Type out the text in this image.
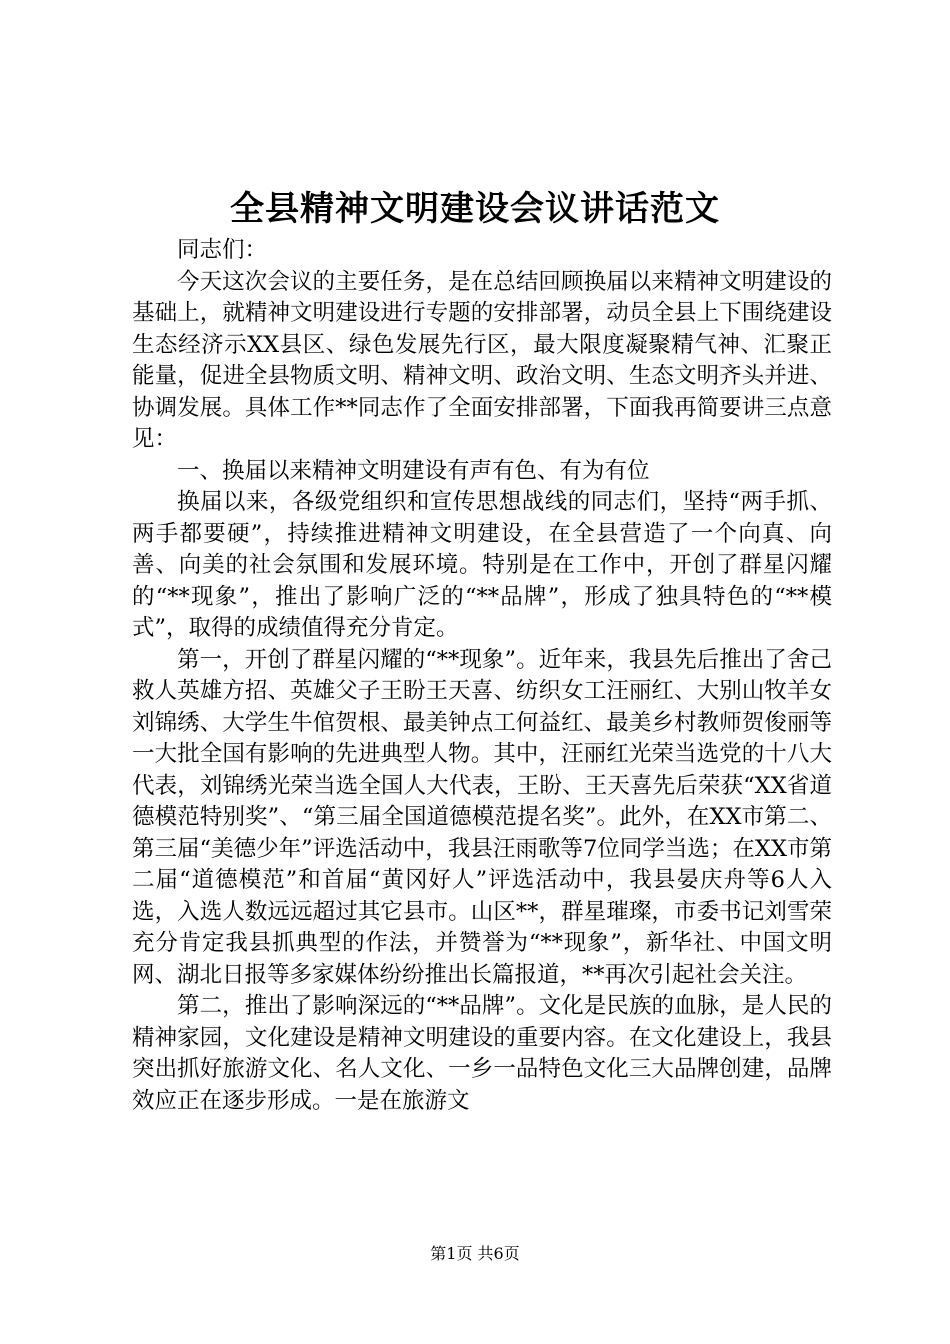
全县精神文明建设会议讲话范文

同志们：

今天这次会议的主要任务，是在总结回顾换届以来精神文明建设的基础上，就精神文明建设进行专题的安排部署，动员全县上下围绕建设生态经济示XX县区、绿色发展先行区，最大限度凝聚精气神、汇聚正能量，促进全县物质文明、精神文明、政治文明、生态文明齐头并进、协调发展。具体工作**同志作了全面安排部署，下面我再简要讲三点意见：

一、换届以来精神文明建设有声有色、有为有位

换届以来，各级党组织和宣传思想战线的同志们，坚持“两手抓、两手都要硬”，持续推进精神文明建设，在全县营造了一个向真、向善、向美的社会氛围和发展环境。特别是在工作中，开创了群星闪耀的“**现象”，推出了影响广泛的“**品牌”，形成了独具特色的“**模式”，取得的成绩值得充分肯定。

第一，开创了群星闪耀的“**现象”。近年来，我县先后推出了舍己救人英雄方招、英雄父子王盼王天喜、纺织女工汪丽红、大别山牧羊女刘锦绣、大学生牛倌贺根、最美钟点工何益红、最美乡村教师贺俊丽等一大批全国有影响的先进典型人物。其中，汪丽红光荣当选党的十八大代表，刘锦绣光荣当选全国人大代表，王盼、王天喜先后荣获“XX省道德模范特别奖”、“第三届全国道德模范提名奖”。此外，在XX市第二、第三届“美德少年”评选活动中，我县汪雨歌等7位同学当选；在XX市第二届“道德模范”和首届“黄冈好人”评选活动中，我县晏庆舟等6人入选，入选人数远远超过其它县市。山区**，群星璀璨，市委书记刘雪荣充分肯定我县抓典型的作法，并赞誉为“**现象”，新华社、中国文明网、湖北日报等多家媒体纷纷推出长篇报道，**再次引起社会关注。

第二，推出了影响深远的“**品牌”。文化是民族的血脉，是人民的精神家园，文化建设是精神文明建设的重要内容。在文化建设上，我县突出抓好旅游文化、名人文化、一乡一品特色文化三大品牌创建，品牌效应正在逐步形成。一是在旅游文

第1页 共6页
